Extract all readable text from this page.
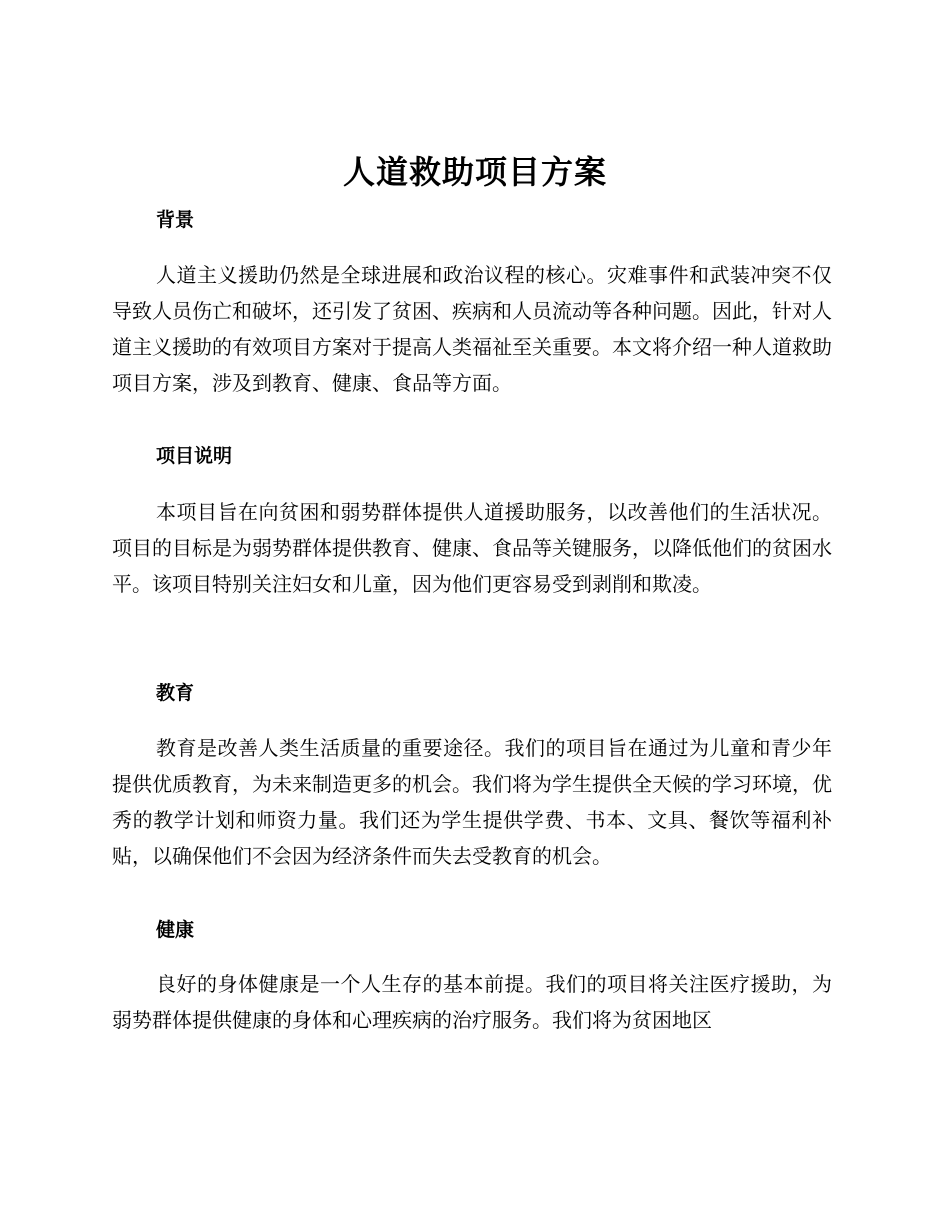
人道救助项目方案
背景
人道主义援助仍然是全球进展和政治议程的核心。灾难事件和武装冲突不仅导致人员伤亡和破坏，还引发了贫困、疾病和人员流动等各种问题。因此，针对人道主义援助的有效项目方案对于提高人类福祉至关重要。本文将介绍一种人道救助项目方案，涉及到教育、健康、食品等方面。
项目说明
本项目旨在向贫困和弱势群体提供人道援助服务，以改善他们的生活状况。项目的目标是为弱势群体提供教育、健康、食品等关键服务，以降低他们的贫困水平。该项目特别关注妇女和儿童，因为他们更容易受到剥削和欺凌。
教育
教育是改善人类生活质量的重要途径。我们的项目旨在通过为儿童和青少年提供优质教育，为未来制造更多的机会。我们将为学生提供全天候的学习环境，优秀的教学计划和师资力量。我们还为学生提供学费、书本、文具、餐饮等福利补贴，以确保他们不会因为经济条件而失去受教育的机会。
健康
良好的身体健康是一个人生存的基本前提。我们的项目将关注医疗援助，为弱势群体提供健康的身体和心理疾病的治疗服务。我们将为贫困地区
